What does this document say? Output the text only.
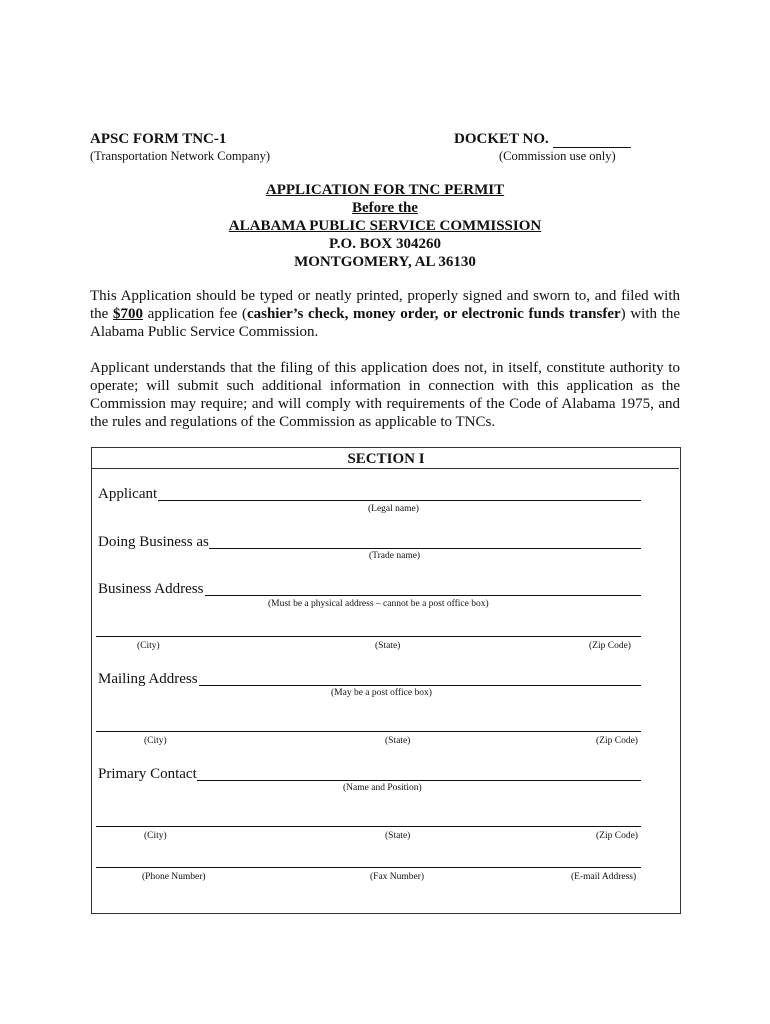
APSC FORM TNC-1
(Transportation Network Company)
DOCKET NO.
(Commission use only)
APPLICATION FOR TNC PERMIT
Before the
ALABAMA PUBLIC SERVICE COMMISSION
P.O. BOX 304260
MONTGOMERY, AL 36130
This Application should be typed or neatly printed, properly signed and sworn to, and filed with the $700 application fee (cashier’s check, money order, or electronic funds transfer) with the Alabama Public Service Commission.
Applicant understands that the filing of this application does not, in itself, constitute authority to operate; will submit such additional information in connection with this application as the Commission may require; and will comply with requirements of the Code of Alabama 1975, and the rules and regulations of the Commission as applicable to TNCs.
SECTION I
Applicant
(Legal name)
Doing Business as
(Trade name)
Business Address
(Must be a physical address – cannot be a post office box)
(City)	(State)	(Zip Code)
Mailing Address
(May be a post office box)
(City)	(State)	(Zip Code)
Primary Contact
(Name and Position)
(City)	(State)	(Zip Code)
(Phone Number)	(Fax Number)	(E-mail Address)
